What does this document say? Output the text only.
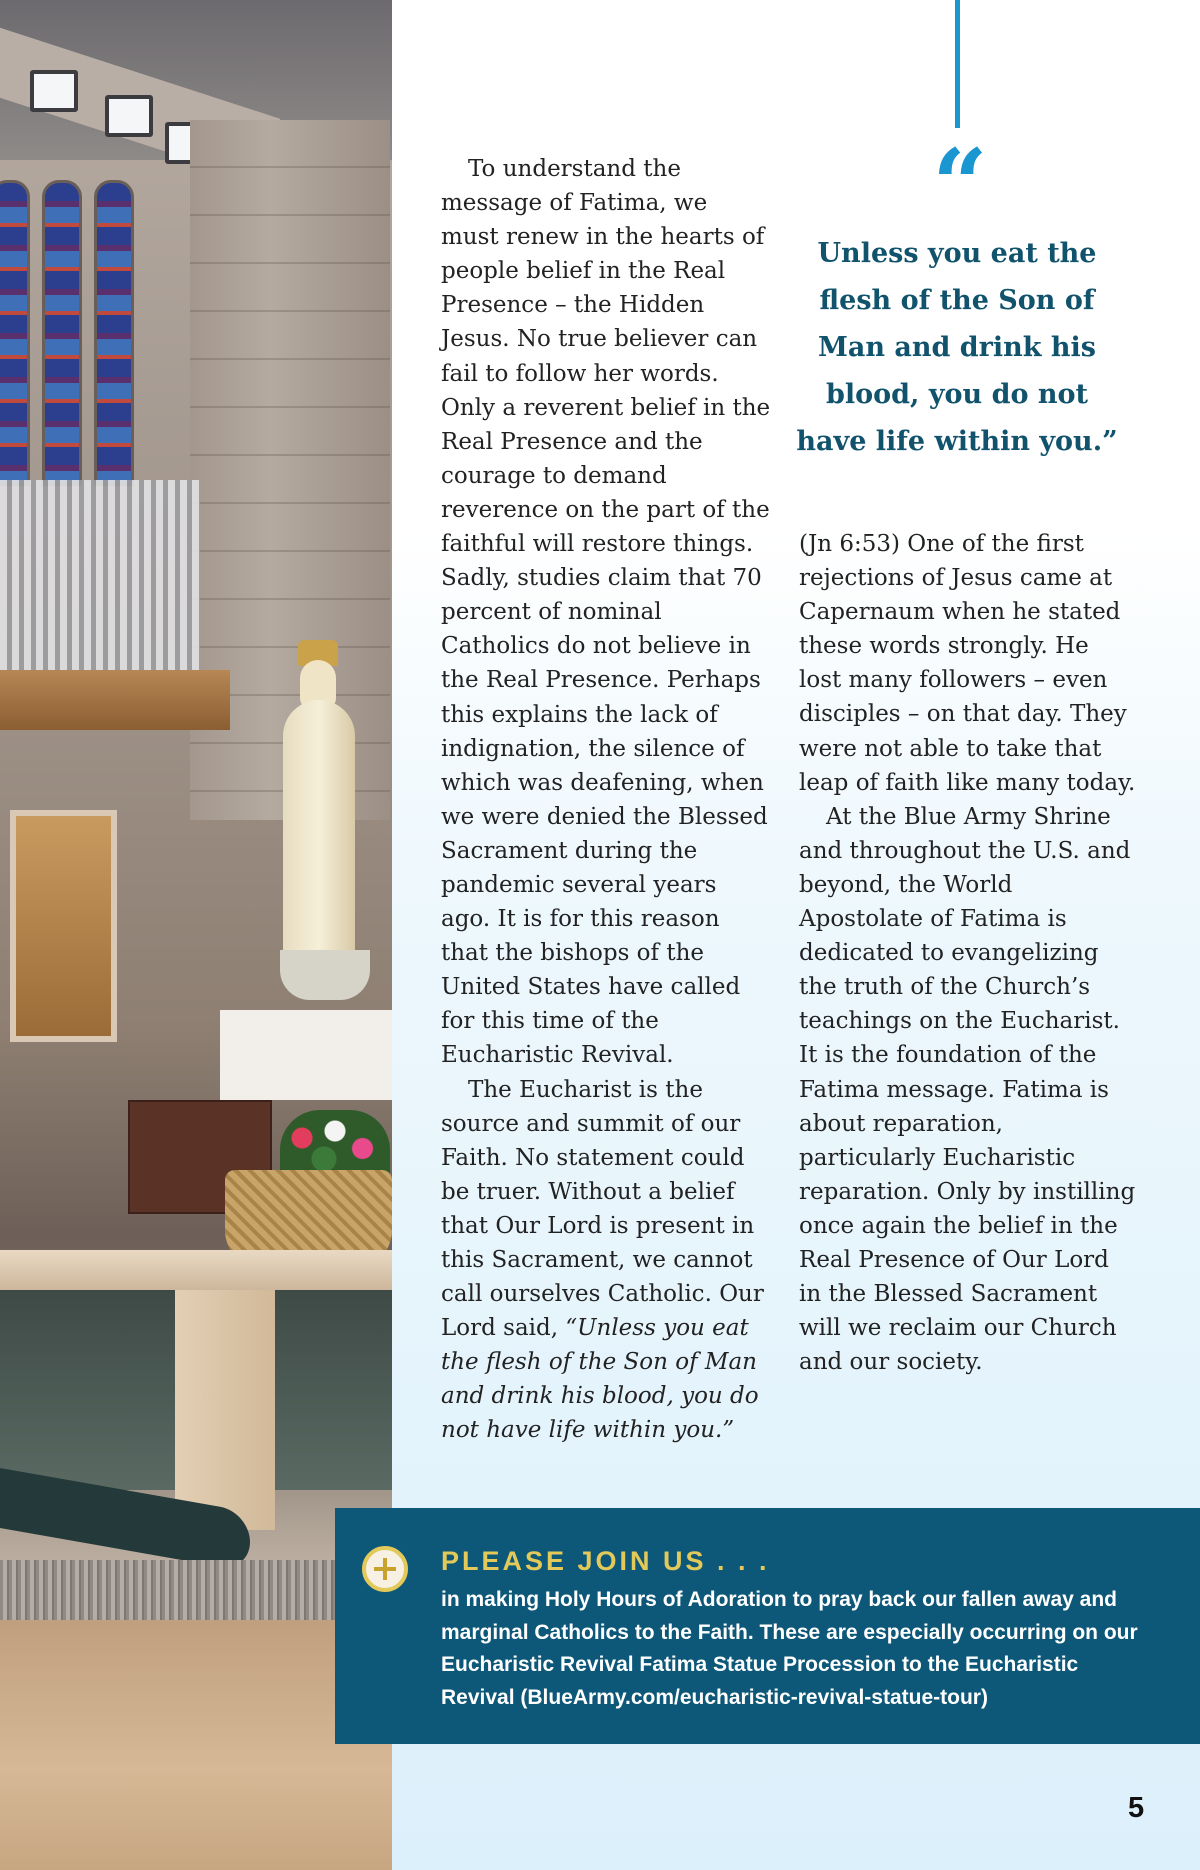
“
Unless you eat the flesh of the Son of Man and drink his blood, you do not have life within you.”

To understand the message of Fatima, we must renew in the hearts of people belief in the Real Presence – the Hidden Jesus. No true believer can fail to follow her words. Only a reverent belief in the Real Presence and the courage to demand reverence on the part of the faithful will restore things. Sadly, studies claim that 70 percent of nominal Catholics do not believe in the Real Presence. Perhaps this explains the lack of indignation, the silence of which was deafening, when we were denied the Blessed Sacrament during the pandemic several years ago. It is for this reason that the bishops of the United States have called for this time of the Eucharistic Revival.

The Eucharist is the source and summit of our Faith. No statement could be truer. Without a belief that Our Lord is present in this Sacrament, we cannot call ourselves Catholic. Our Lord said, “Unless you eat the flesh of the Son of Man and drink his blood, you do not have life within you.”

(Jn 6:53) One of the first rejections of Jesus came at Capernaum when he stated these words strongly. He lost many followers – even disciples – on that day. They were not able to take that leap of faith like many today.

At the Blue Army Shrine and throughout the U.S. and beyond, the World Apostolate of Fatima is dedicated to evangelizing the truth of the Church’s teachings on the Eucharist. It is the foundation of the Fatima message. Fatima is about reparation, particularly Eucharistic reparation. Only by instilling once again the belief in the Real Presence of Our Lord in the Blessed Sacrament will we reclaim our Church and our society.

PLEASE JOIN US . . .
in making Holy Hours of Adoration to pray back our fallen away and marginal Catholics to the Faith. These are especially occurring on our Eucharistic Revival Fatima Statue Procession to the Eucharistic Revival (BlueArmy.com/eucharistic-revival-statue-tour)
5
